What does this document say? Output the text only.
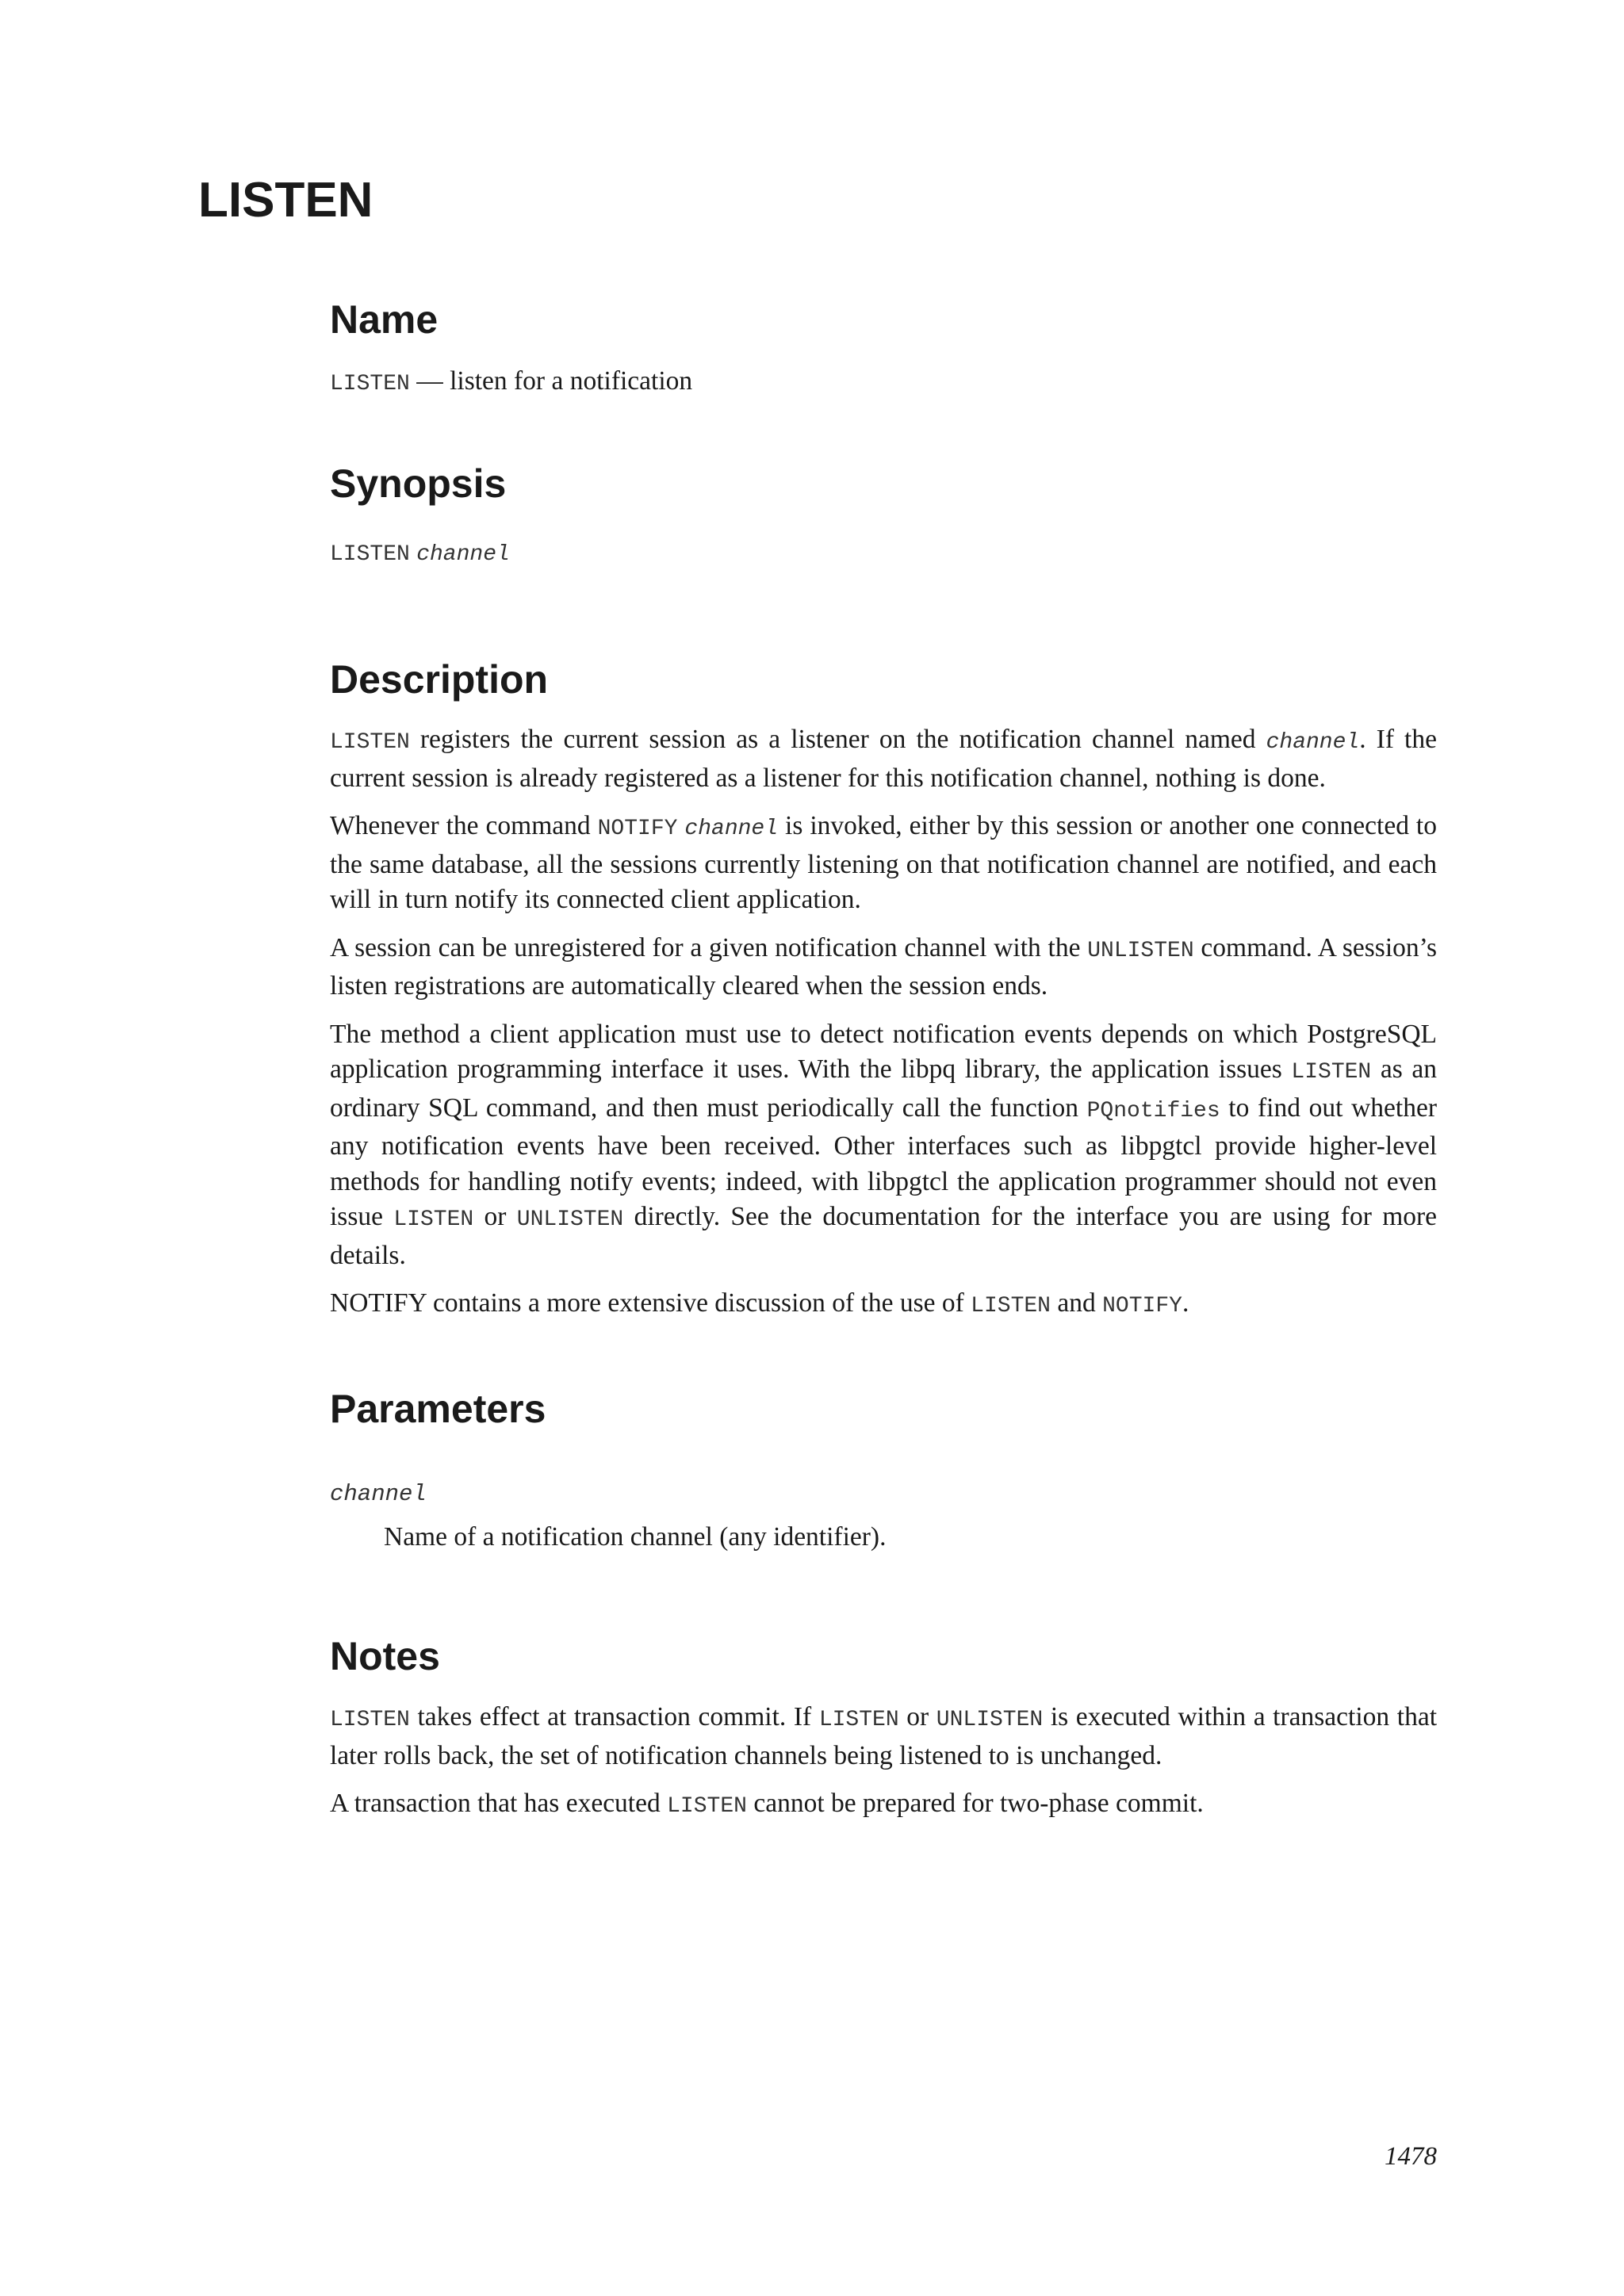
LISTEN
Name

LISTEN — listen for a notification

Synopsis
LISTEN channel
Description

LISTEN registers the current session as a listener on the notification channel named channel. If the current session is already registered as a listener for this notification channel, nothing is done.

Whenever the command NOTIFY channel is invoked, either by this session or another one connected to the same database, all the sessions currently listening on that notification channel are notified, and each will in turn notify its connected client application.

A session can be unregistered for a given notification channel with the UNLISTEN command. A session’s listen registrations are automatically cleared when the session ends.

The method a client application must use to detect notification events depends on which PostgreSQL application programming interface it uses. With the libpq library, the application issues LISTEN as an ordinary SQL command, and then must periodically call the function PQnotifies to find out whether any notification events have been received. Other interfaces such as libpgtcl provide higher-level methods for handling notify events; indeed, with libpgtcl the application programmer should not even issue LISTEN or UNLISTEN directly. See the documentation for the interface you are using for more details.

NOTIFY contains a more extensive discussion of the use of LISTEN and NOTIFY.

Parameters
channel
Name of a notification channel (any identifier).
Notes

LISTEN takes effect at transaction commit. If LISTEN or UNLISTEN is executed within a transaction that later rolls back, the set of notification channels being listened to is unchanged.

A transaction that has executed LISTEN cannot be prepared for two-phase commit.

1478
